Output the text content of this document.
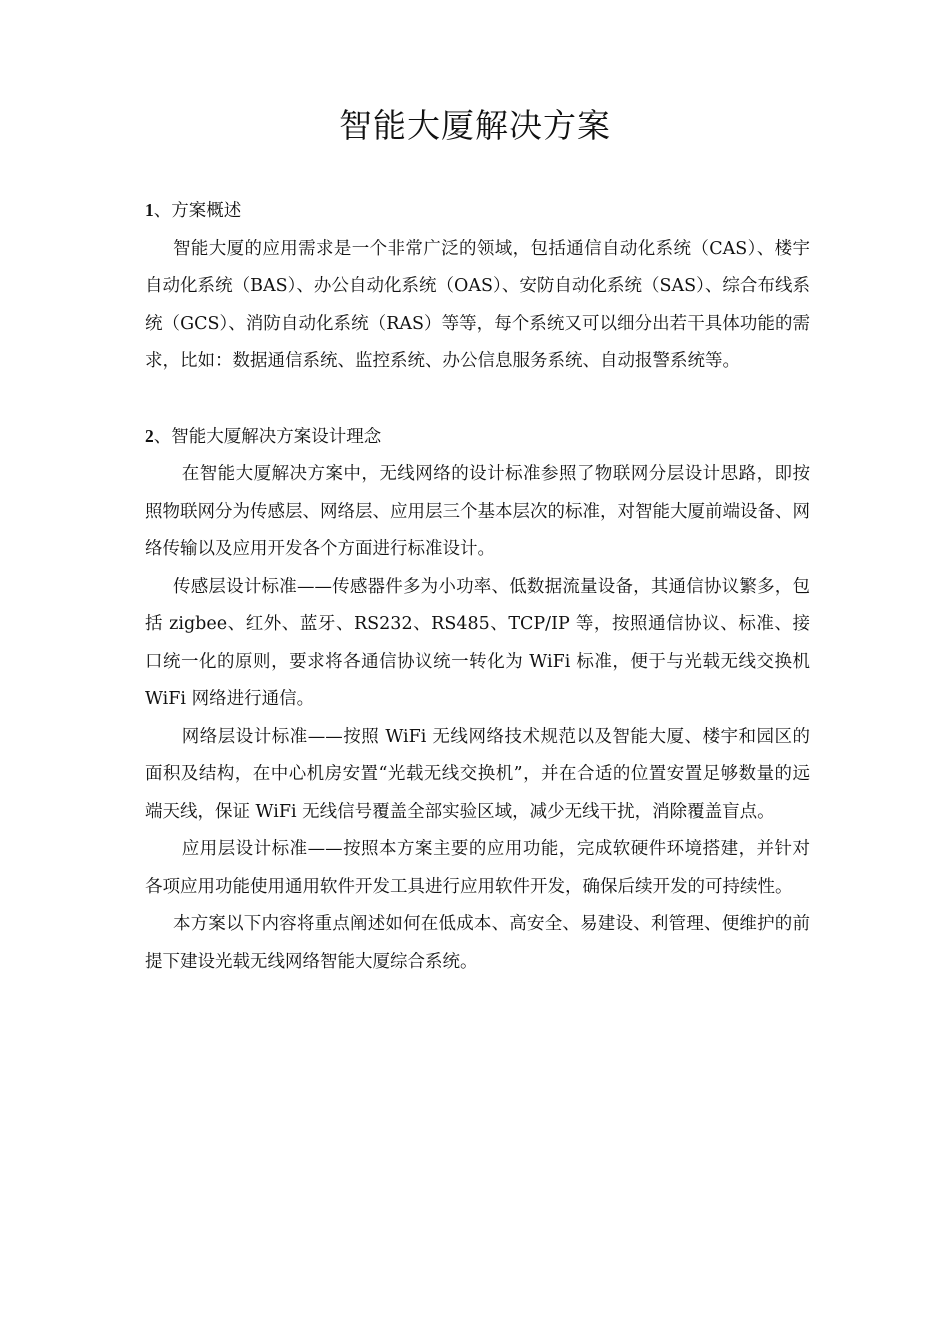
智能大厦解决方案
1、方案概述

智能大厦的应用需求是一个非常广泛的领域，包括通信自动化系统（CAS）、楼宇自动化系统（BAS）、办公自动化系统（OAS）、安防自动化系统（SAS）、综合布线系统（GCS）、消防自动化系统（RAS）等等，每个系统又可以细分出若干具体功能的需求，比如：数据通信系统、监控系统、办公信息服务系统、自动报警系统等。

2、智能大厦解决方案设计理念

在智能大厦解决方案中，无线网络的设计标准参照了物联网分层设计思路，即按照物联网分为传感层、网络层、应用层三个基本层次的标准，对智能大厦前端设备、网络传输以及应用开发各个方面进行标准设计。

传感层设计标准——传感器件多为小功率、低数据流量设备，其通信协议繁多，包括 zigbee、红外、蓝牙、RS232、RS485、TCP/IP 等，按照通信协议、标准、接口统一化的原则，要求将各通信协议统一转化为 WiFi 标准，便于与光载无线交换机 WiFi 网络进行通信。

网络层设计标准——按照 WiFi 无线网络技术规范以及智能大厦、楼宇和园区的面积及结构，在中心机房安置“光载无线交换机”，并在合适的位置安置足够数量的远端天线，保证 WiFi 无线信号覆盖全部实验区域，减少无线干扰，消除覆盖盲点。

应用层设计标准——按照本方案主要的应用功能，完成软硬件环境搭建，并针对各项应用功能使用通用软件开发工具进行应用软件开发，确保后续开发的可持续性。

本方案以下内容将重点阐述如何在低成本、高安全、易建设、利管理、便维护的前提下建设光载无线网络智能大厦综合系统。
